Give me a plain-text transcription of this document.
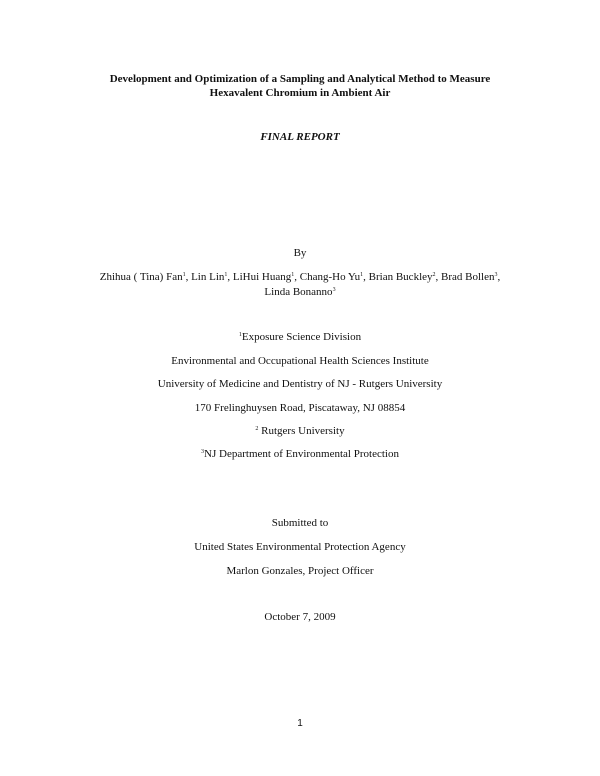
Development and Optimization of a Sampling and Analytical Method to Measure
Hexavalent Chromium in Ambient Air
FINAL REPORT
By
Zhihua ( Tina) Fan$^1$, Lin Lin$^1$, LiHui Huang$^1$, Chang-Ho Yu$^1$, Brian Buckley$^2$, Brad Bollen$^3$,
Linda Bonanno$^3$
$^1$Exposure Science Division
Environmental and Occupational Health Sciences Institute
University of Medicine and Dentistry of NJ - Rutgers University
170 Frelinghuysen Road, Piscataway, NJ 08854
$^2$ Rutgers University
$^3$NJ Department of Environmental Protection
Submitted to
United States Environmental Protection Agency
Marlon Gonzales, Project Officer
October 7, 2009
1
